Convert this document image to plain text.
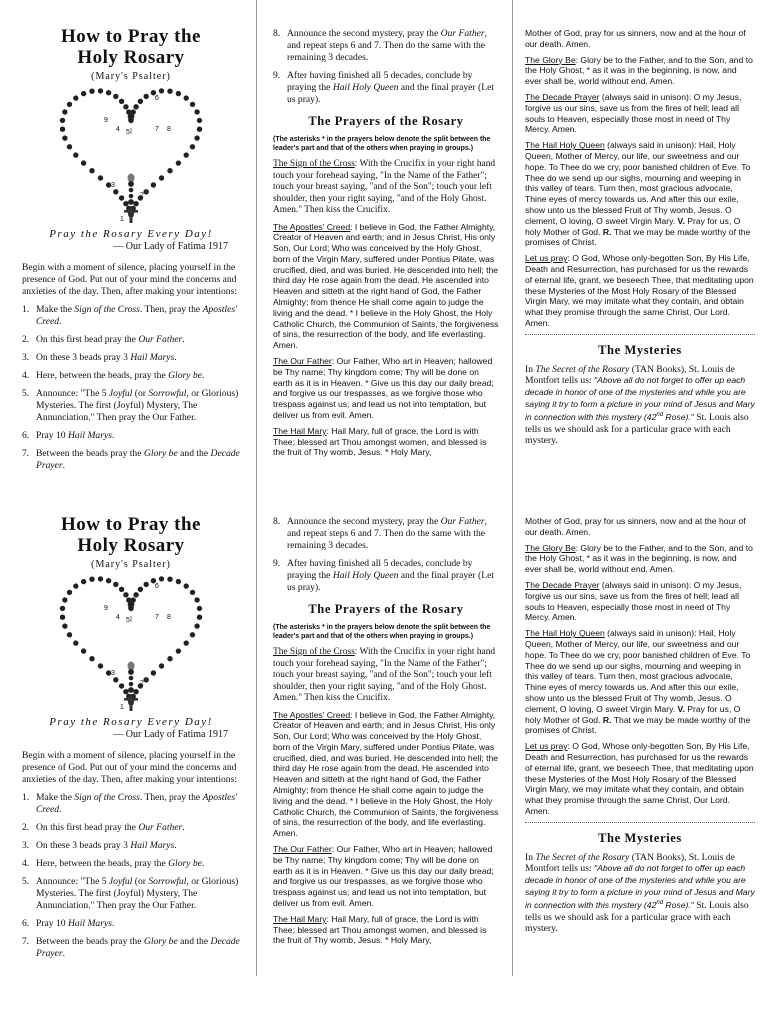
How to Pray the
Holy Rosary
(Mary's Psalter)
1
2
3
4 5
6
7 8
9
Pray the Rosary Every Day!
— Our Lady of Fatima 1917

Begin with a moment of silence, placing yourself in the presence of God. Put out of your mind the concerns and anxieties of the day. Then, after making your intentions:

1.Make the Sign of the Cross. Then, pray the Apostles' Creed.
2.On this first bead pray the Our Father.
3.On these 3 beads pray 3 Hail Marys.
4.Here, between the beads, pray the Glory be.
5.Announce: "The 5 Joyful (or Sorrowful, or Glorious) Mysteries. The first (Joyful) Mystery, The Annunciation." Then pray the Our Father.
6.Pray 10 Hail Marys.
7.Between the beads pray the Glory be and the Decade Prayer.
8.Announce the second mystery, pray the Our Father, and repeat steps 6 and 7. Then do the same with the remaining 3 decades.
9.After having finished all 5 decades, conclude by praying the Hail Holy Queen and the final prayer (Let us pray).
The Prayers of the Rosary

(The asterisks * in the prayers below denote the split between the leader's part and that of the others when praying in groups.)

The Sign of the Cross: With the Crucifix in your right hand touch your forehead saying, "In the Name of the Father"; touch your breast saying, "and of the Son"; touch your left shoulder, then your right saying, "and of the Holy Ghost. Amen." Then kiss the Crucifix.

The Apostles' Creed: I believe in God, the Father Almighty, Creator of Heaven and earth; and in Jesus Christ, His only Son, Our Lord; Who was conceived by the Holy Ghost, born of the Virgin Mary, suffered under Pontius Pilate, was crucified, died, and was buried. He descended into hell; the third day He rose again from the dead. He ascended into Heaven and sitteth at the right hand of God, the Father Almighty; from thence He shall come again to judge the living and the dead. * I believe in the Holy Ghost, the Holy Catholic Church, the Communion of Saints, the forgiveness of sins, the resurrection of the body, and life everlasting. Amen.

The Our Father: Our Father, Who art in Heaven; hallowed be Thy name; Thy kingdom come; Thy will be done on earth as it is in Heaven. * Give us this day our daily bread; and forgive us our trespasses, as we forgive those who trespass against us; and lead us not into temptation, but deliver us from evil. Amen.

The Hail Mary: Hail Mary, full of grace, the Lord is with Thee; blessed art Thou amongst women, and blessed is the fruit of Thy womb, Jesus. * Holy Mary,

Mother of God, pray for us sinners, now and at the hour of our death. Amen.

The Glory Be: Glory be to the Father, and to the Son, and to the Holy Ghost, * as it was in the beginning, is now, and ever shall be, world without end. Amen.

The Decade Prayer (always said in unison): O my Jesus, forgive us our sins, save us from the fires of hell; lead all souls to Heaven, especially those most in need of Thy Mercy. Amen.

The Hail Holy Queen (always said in unison): Hail, Holy Queen, Mother of Mercy, our life, our sweetness and our hope. To Thee do we cry, poor banished children of Eve. To Thee do we send up our sighs, mourning and weeping in this valley of tears. Turn then, most gracious advocate, Thine eyes of mercy towards us. And after this our exile, show unto us the blessed Fruit of Thy womb, Jesus. O clement, O loving, O sweet Virgin Mary. V. Pray for us, O holy Mother of God. R. That we may be made worthy of the promises of Christ.

Let us pray: O God, Whose only-begotten Son, By His Life, Death and Resurrection, has purchased for us the rewards of eternal life, grant, we beseech Thee, that meditating upon these Mysteries of the Most Holy Rosary of the Blessed Virgin Mary, we may imitate what they contain, and obtain what they promise through the same Christ, Our Lord. Amen.

The Mysteries

In The Secret of the Rosary (TAN Books), St. Louis de Montfort tells us: "Above all do not forget to offer up each decade in honor of one of the mysteries and while you are saying it try to form a picture in your mind of Jesus and Mary in connection with this mystery (42nd Rose)." St. Louis also tells us we should ask for a particular grace with each mystery.

How to Pray the
Holy Rosary
(Mary's Psalter)
1
2
3
4 5
6
7 8
9
Pray the Rosary Every Day!
— Our Lady of Fatima 1917

Begin with a moment of silence, placing yourself in the presence of God. Put out of your mind the concerns and anxieties of the day. Then, after making your intentions:

1.Make the Sign of the Cross. Then, pray the Apostles' Creed.
2.On this first bead pray the Our Father.
3.On these 3 beads pray 3 Hail Marys.
4.Here, between the beads, pray the Glory be.
5.Announce: "The 5 Joyful (or Sorrowful, or Glorious) Mysteries. The first (Joyful) Mystery, The Annunciation." Then pray the Our Father.
6.Pray 10 Hail Marys.
7.Between the beads pray the Glory be and the Decade Prayer.
8.Announce the second mystery, pray the Our Father, and repeat steps 6 and 7. Then do the same with the remaining 3 decades.
9.After having finished all 5 decades, conclude by praying the Hail Holy Queen and the final prayer (Let us pray).
The Prayers of the Rosary

(The asterisks * in the prayers below denote the split between the leader's part and that of the others when praying in groups.)

The Sign of the Cross: With the Crucifix in your right hand touch your forehead saying, "In the Name of the Father"; touch your breast saying, "and of the Son"; touch your left shoulder, then your right saying, "and of the Holy Ghost. Amen." Then kiss the Crucifix.

The Apostles' Creed: I believe in God, the Father Almighty, Creator of Heaven and earth; and in Jesus Christ, His only Son, Our Lord; Who was conceived by the Holy Ghost, born of the Virgin Mary, suffered under Pontius Pilate, was crucified, died, and was buried. He descended into hell; the third day He rose again from the dead. He ascended into Heaven and sitteth at the right hand of God, the Father Almighty; from thence He shall come again to judge the living and the dead. * I believe in the Holy Ghost, the Holy Catholic Church, the Communion of Saints, the forgiveness of sins, the resurrection of the body, and life everlasting. Amen.

The Our Father: Our Father, Who art in Heaven; hallowed be Thy name; Thy kingdom come; Thy will be done on earth as it is in Heaven. * Give us this day our daily bread; and forgive us our trespasses, as we forgive those who trespass against us; and lead us not into temptation, but deliver us from evil. Amen.

The Hail Mary: Hail Mary, full of grace, the Lord is with Thee; blessed art Thou amongst women, and blessed is the fruit of Thy womb, Jesus. * Holy Mary,

Mother of God, pray for us sinners, now and at the hour of our death. Amen.

The Glory Be: Glory be to the Father, and to the Son, and to the Holy Ghost, * as it was in the beginning, is now, and ever shall be, world without end. Amen.

The Decade Prayer (always said in unison): O my Jesus, forgive us our sins, save us from the fires of hell; lead all souls to Heaven, especially those most in need of Thy Mercy. Amen.

The Hail Holy Queen (always said in unison): Hail, Holy Queen, Mother of Mercy, our life, our sweetness and our hope. To Thee do we cry, poor banished children of Eve. To Thee do we send up our sighs, mourning and weeping in this valley of tears. Turn then, most gracious advocate, Thine eyes of mercy towards us. And after this our exile, show unto us the blessed Fruit of Thy womb, Jesus. O clement, O loving, O sweet Virgin Mary. V. Pray for us, O holy Mother of God. R. That we may be made worthy of the promises of Christ.

Let us pray: O God, Whose only-begotten Son, By His Life, Death and Resurrection, has purchased for us the rewards of eternal life, grant, we beseech Thee, that meditating upon these Mysteries of the Most Holy Rosary of the Blessed Virgin Mary, we may imitate what they contain, and obtain what they promise through the same Christ, Our Lord. Amen.

The Mysteries

In The Secret of the Rosary (TAN Books), St. Louis de Montfort tells us: "Above all do not forget to offer up each decade in honor of one of the mysteries and while you are saying it try to form a picture in your mind of Jesus and Mary in connection with this mystery (42nd Rose)." St. Louis also tells us we should ask for a particular grace with each mystery.
